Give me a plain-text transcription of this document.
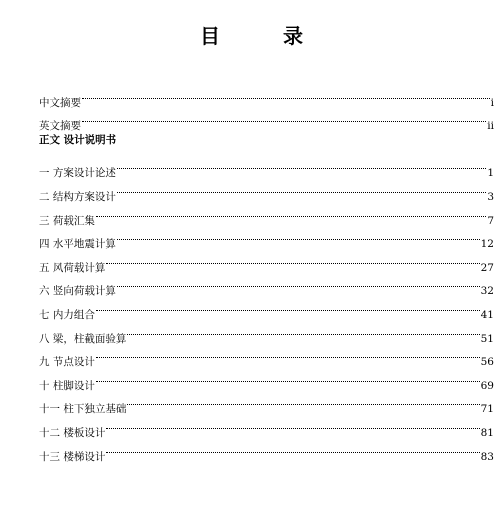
目 录
中文摘要	i
英文摘要	ii
正文 设计说明书
一 方案设计论述	1
二 结构方案设计	3
三 荷载汇集	7
四 水平地震计算	12
五 风荷载计算	27
六 竖向荷载计算	32
七 内力组合	41
八 梁，柱截面验算	51
九 节点设计	56
十 柱脚设计	69
十一 柱下独立基础	71
十二 楼板设计	81
十三 楼梯设计	83
